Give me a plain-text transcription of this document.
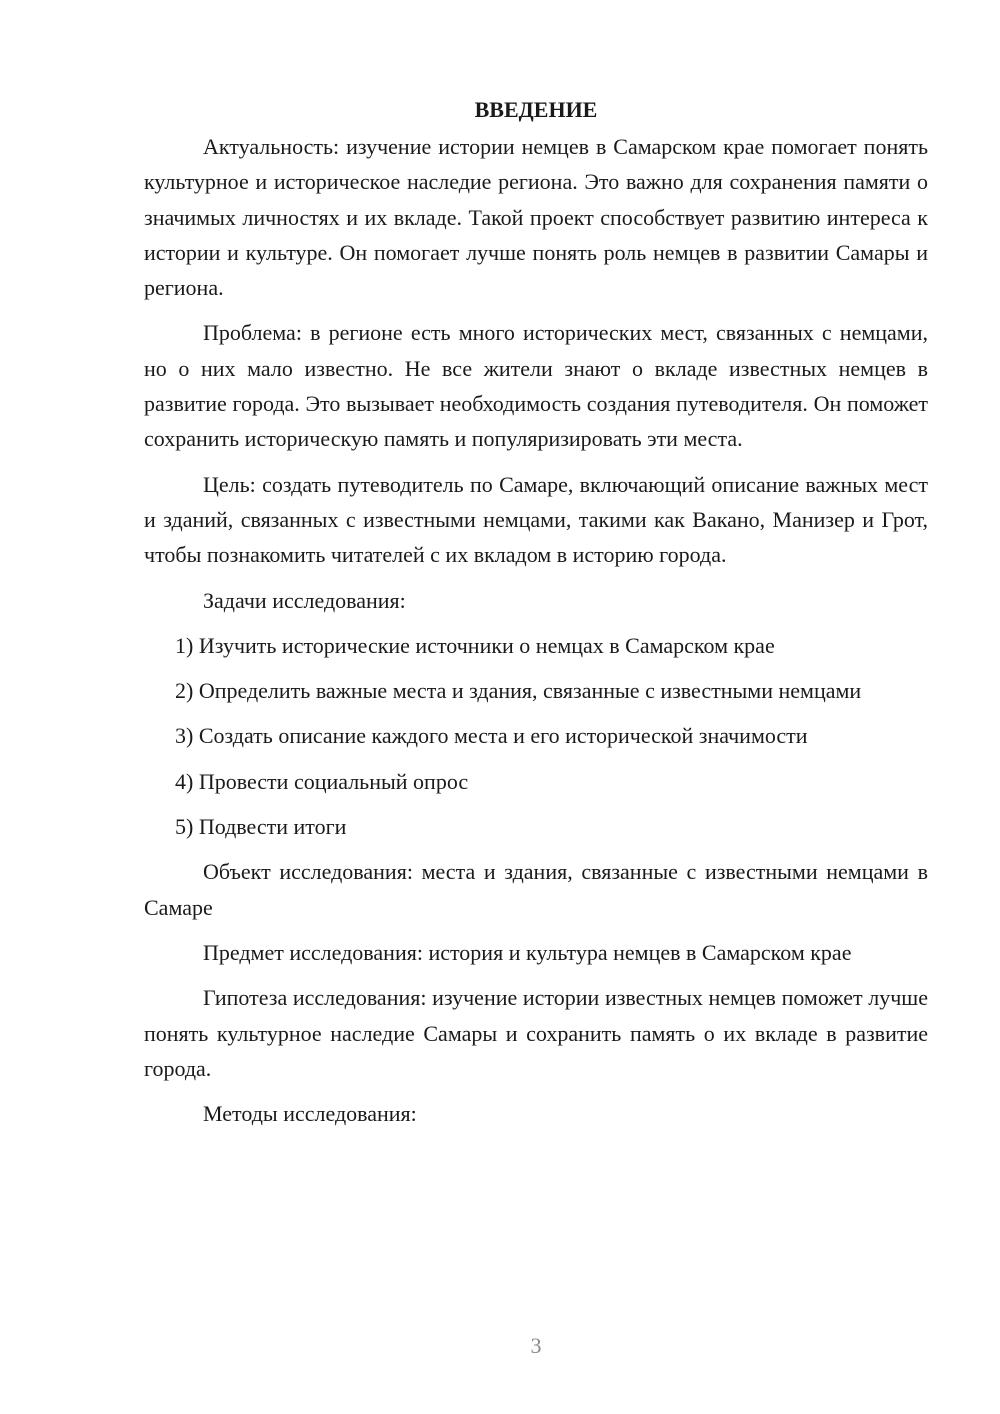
ВВЕДЕНИЕ

Актуальность: изучение истории немцев в Самарском крае помогает понять культурное и историческое наследие региона. Это важно для сохранения памяти о значимых личностях и их вкладе. Такой проект способствует развитию интереса к истории и культуре. Он помогает лучше понять роль немцев в развитии Самары и региона.

Проблема: в регионе есть много исторических мест, связанных с немцами, но о них мало известно. Не все жители знают о вкладе известных немцев в развитие города. Это вызывает необходимость создания путеводителя. Он поможет сохранить историческую память и популяризировать эти места.

Цель: создать путеводитель по Самаре, включающий описание важных мест и зданий, связанных с известными немцами, такими как Вакано, Манизер и Грот, чтобы познакомить читателей с их вкладом в историю города.

Задачи исследования:

1) Изучить исторические источники о немцах в Самарском крае

2) Определить важные места и здания, связанные с известными немцами

3) Создать описание каждого места и его исторической значимости

4) Провести социальный опрос

5) Подвести итоги

Объект исследования: места и здания, связанные с известными немцами в Самаре

Предмет исследования: история и культура немцев в Самарском крае

Гипотеза исследования: изучение истории известных немцев поможет лучше понять культурное наследие Самары и сохранить память о их вкладе в развитие города.

Методы исследования:

3
